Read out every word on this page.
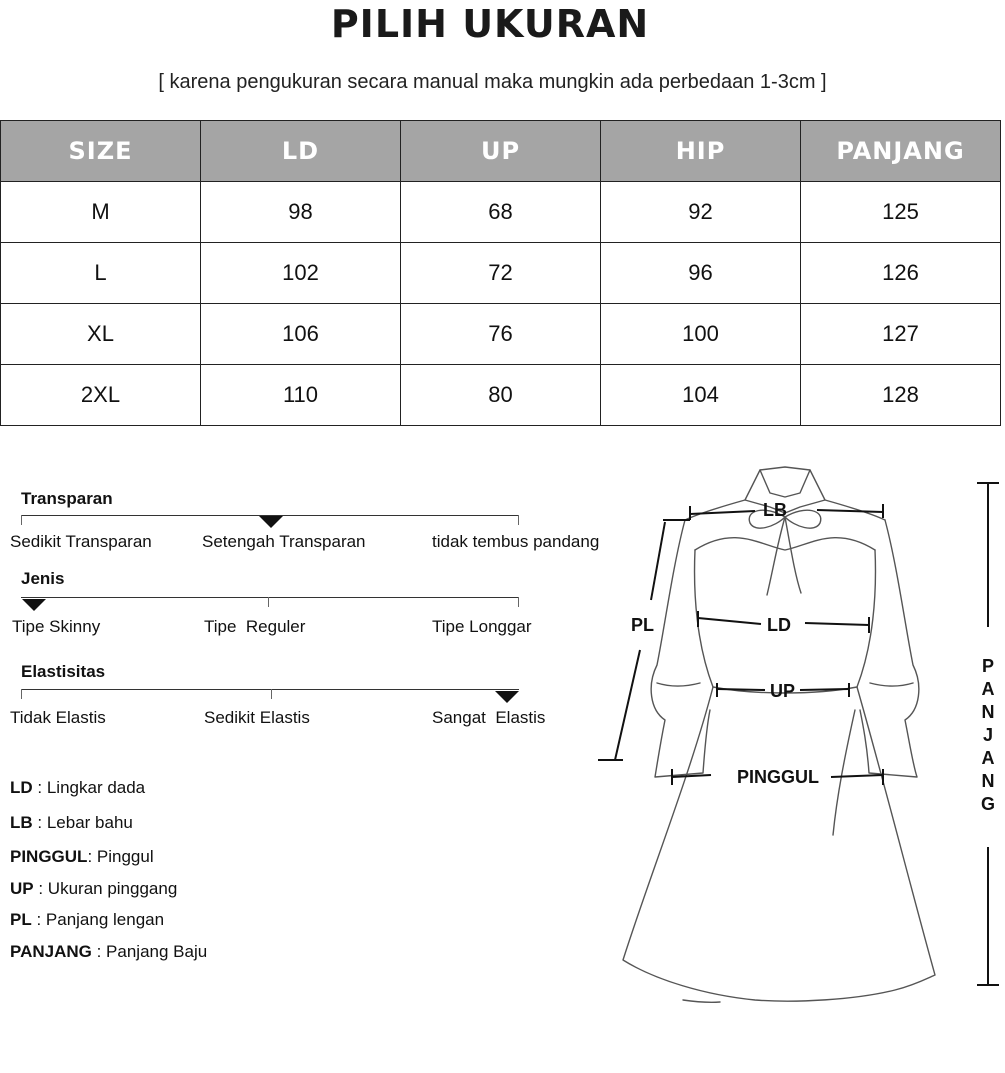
PILIH UKURAN
[ karena pengukuran secara manual maka mungkin ada perbedaan 1-3cm ]
SIZE	LD	UP	HIP	PANJANG
M	98	68	92	125
L	102	72	96	126
XL	106	76	100	127
2XL	110	80	104	128
Transparan
Sedikit Transparan	Setengah Transparan	tidak tembus pandang
Jenis
Tipe Skinny	Tipe  Reguler	Tipe Longgar
Elastisitas
Tidak Elastis	Sedikit Elastis	Sangat  Elastis
LD : Lingkar dada
LB : Lebar bahu
PINGGUL: Pinggul
UP : Ukuran pinggang
PL : Panjang lengan
PANJANG : Panjang Baju
LB
PL	LD
UP
PINGGUL
P
A
N
J
A
N
G
